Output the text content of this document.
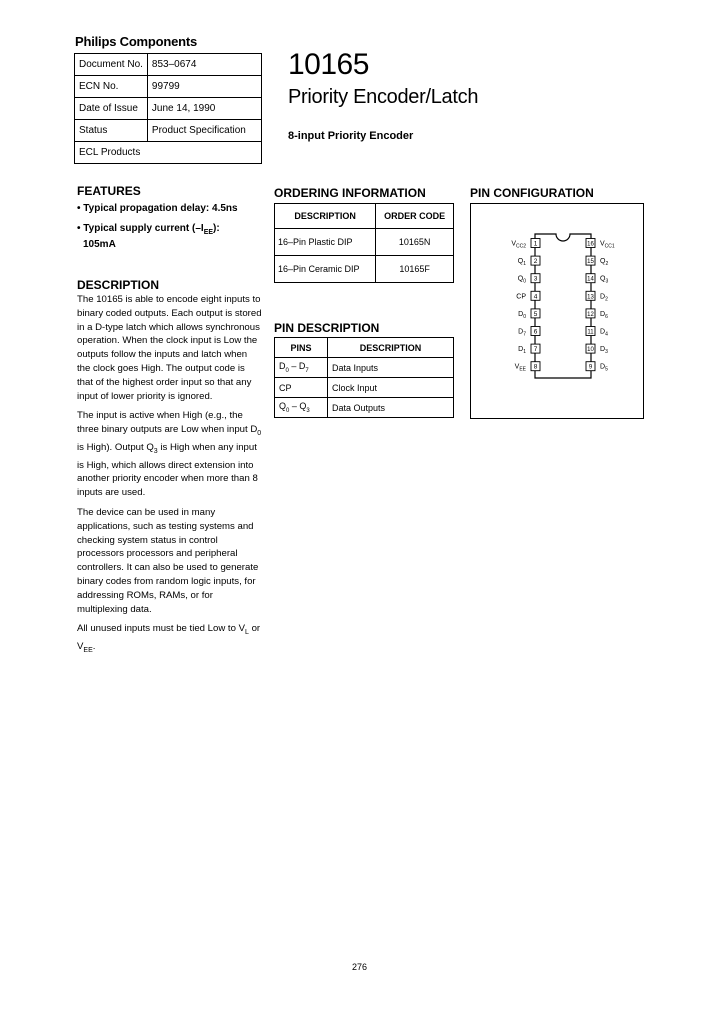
Philips Components
Document No.	853–0674
ECN No.	99799
Date of Issue	June 14, 1990
Status	Product Specification
ECL Products	
10165
Priority Encoder/Latch
8-input Priority Encoder
FEATURES
• Typical propagation delay: 4.5ns
• Typical supply current $(-I_{EE})$:
105mA
DESCRIPTION

The 10165 is able to encode eight inputs to binary coded outputs. Each output is stored in a D-type latch which allows synchronous operation. When the clock input is Low the outputs follow the inputs and latch when the clock goes High. The output code is that of the highest order input so that any input of lower priority is ignored.

The input is active when High (e.g., the three binary outputs are Low when input $D_0$ is High). Output $Q_3$ is High when any input is High, which allows direct extension into another priority encoder when more than 8 inputs are used.

The device can be used in many applications, such as testing systems and checking system status in control processors processors and peripheral controllers. It can also be used to generate binary codes from random logic inputs, for addressing ROMs, RAMs, or for multiplexing data.

All unused inputs must be tied Low to $V_L$ or $V_{EE}$.

ORDERING INFORMATION
DESCRIPTION	ORDER CODE
16–Pin Plastic DIP	10165N
16–Pin Ceramic DIP	10165F
PIN DESCRIPTION
PINS	DESCRIPTION
$D_0 - D_7$	Data Inputs
CP	Clock Input
$Q_0 - Q_3$	Data Outputs
PIN CONFIGURATION
1
$V_{CC2}$
2
$Q_1$
3
$Q_0$
4
CP
5
$D_0$
6
$D_7$
7
$D_1$
8
$V_{EE}$
16 $V_{CC1}$
15 $Q_2$
14 $Q_3$
13 $D_2$
12 $D_6$
11 $D_4$
10 $D_3$
9 $D_5$
276
